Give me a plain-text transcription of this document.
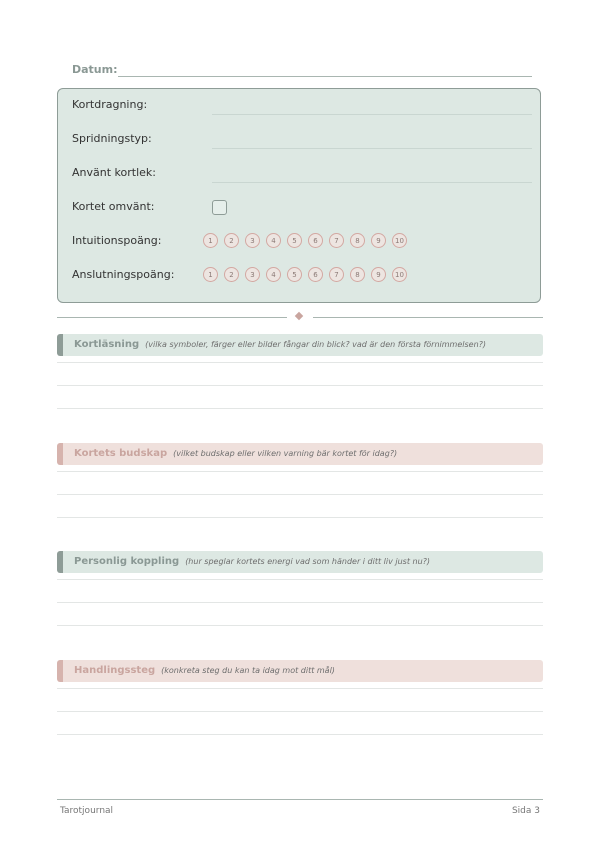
Datum:
Kortdragning:
Spridningstyp:
Använt kortlek:
Kortet omvänt:
Intuitionspoäng:	1	2	3	4	5	6	7	8	9	10
Anslutningspoäng:	1	2	3	4	5	6	7	8	9	10
Kortläsning (vilka symboler, färger eller bilder fångar din blick? vad är den första förnimmelsen?)
Kortets budskap (vilket budskap eller vilken varning bär kortet för idag?)
Personlig koppling (hur speglar kortets energi vad som händer i ditt liv just nu?)
Handlingssteg (konkreta steg du kan ta idag mot ditt mål)
Tarotjournal	Sida 3
